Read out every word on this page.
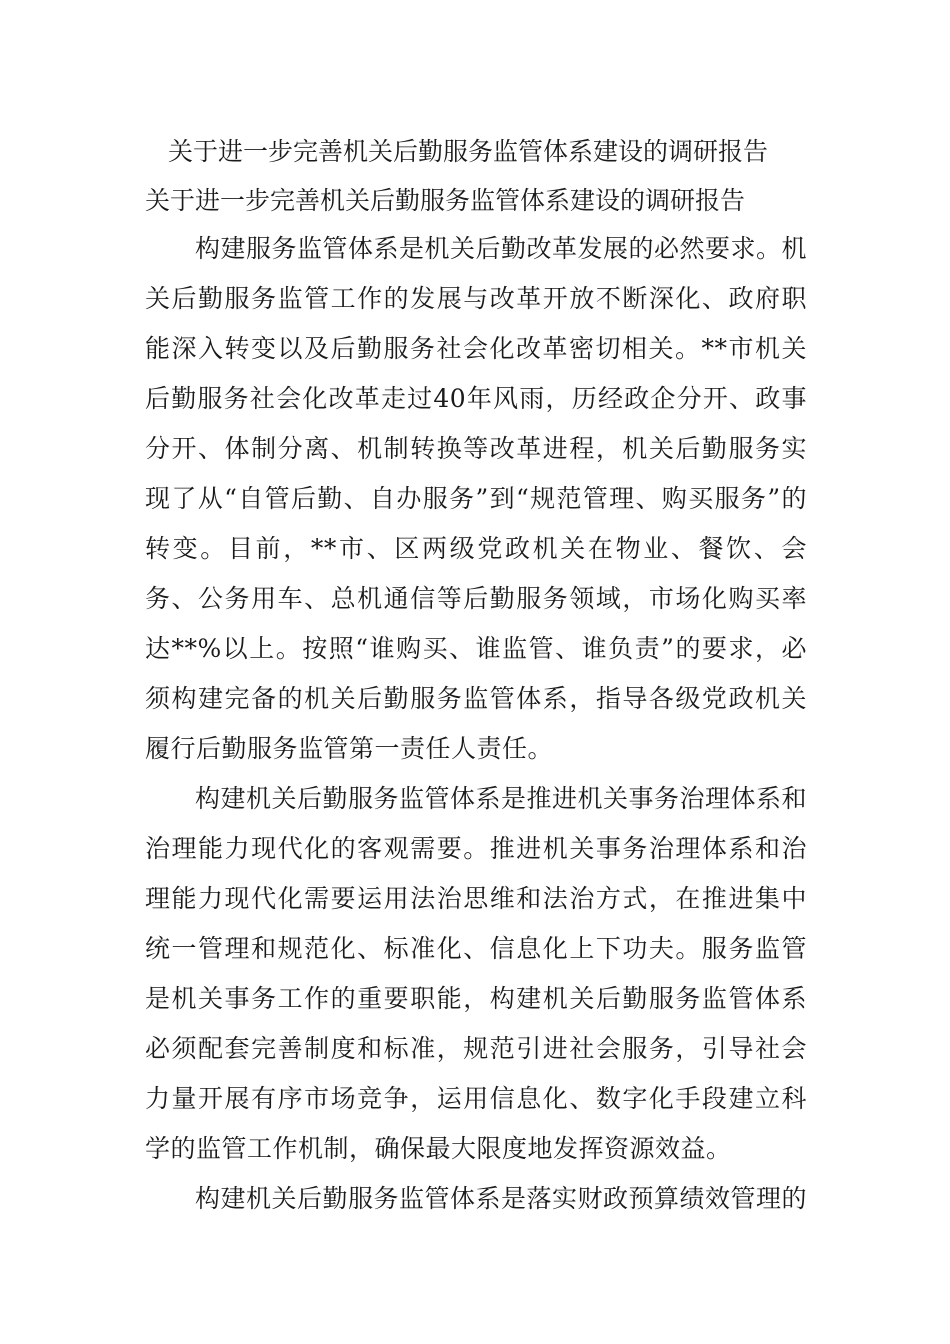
关于进一步完善机关后勤服务监管体系建设的调研报告
关于进一步完善机关后勤服务监管体系建设的调研报告

构建服务监管体系是机关后勤改革发展的必然要求。机关后勤服务监管工作的发展与改革开放不断深化、政府职能深入转变以及后勤服务社会化改革密切相关。**市机关后勤服务社会化改革走过40年风雨，历经政企分开、政事分开、体制分离、机制转换等改革进程，机关后勤服务实现了从“自管后勤、自办服务”到“规范管理、购买服务”的转变。目前，**市、区两级党政机关在物业、餐饮、会务、公务用车、总机通信等后勤服务领域，市场化购买率达**%以上。按照“谁购买、谁监管、谁负责”的要求，必须构建完备的机关后勤服务监管体系，指导各级党政机关履行后勤服务监管第一责任人责任。

构建机关后勤服务监管体系是推进机关事务治理体系和治理能力现代化的客观需要。推进机关事务治理体系和治理能力现代化需要运用法治思维和法治方式，在推进集中统一管理和规范化、标准化、信息化上下功夫。服务监管是机关事务工作的重要职能，构建机关后勤服务监管体系必须配套完善制度和标准，规范引进社会服务，引导社会力量开展有序市场竞争，运用信息化、数字化手段建立科学的监管工作机制，确保最大限度地发挥资源效益。

构建机关后勤服务监管体系是落实财政预算绩效管理的
